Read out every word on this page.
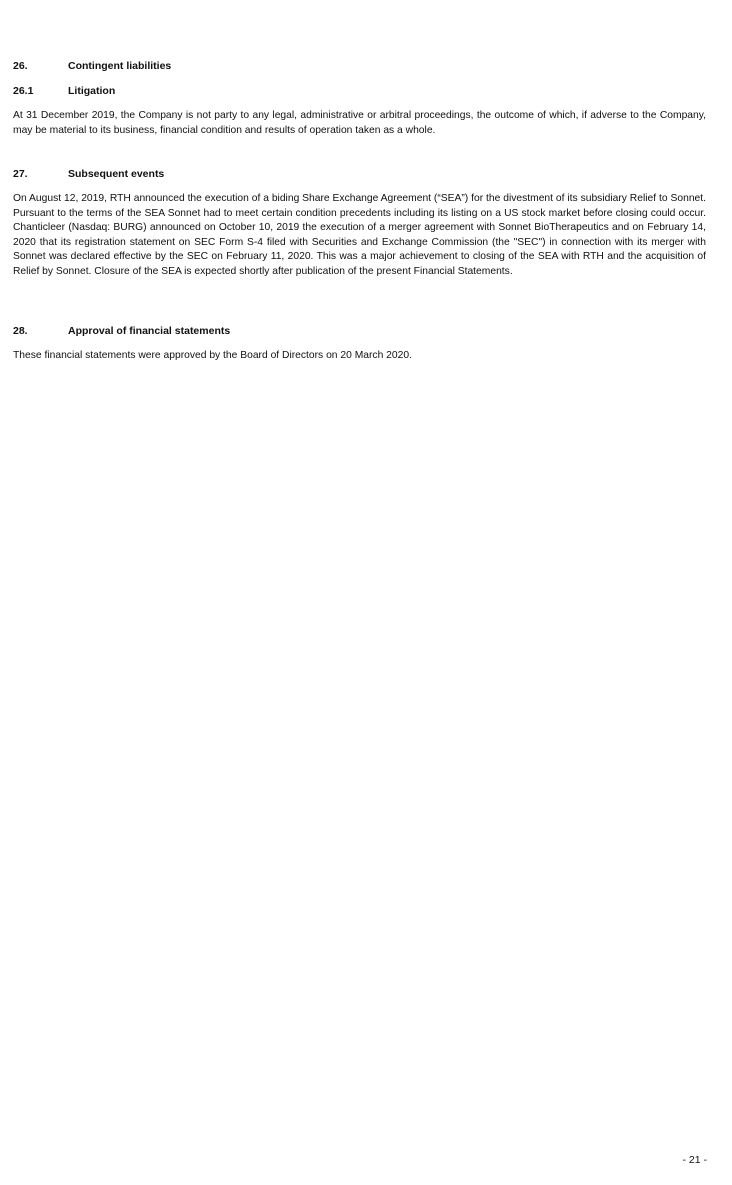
26.	Contingent liabilities
26.1	Litigation

At 31 December 2019, the Company is not party to any legal, administrative or arbitral proceedings, the outcome of which, if adverse to the Company, may be material to its business, financial condition and results of operation taken as a whole.

27.	Subsequent events

On August 12, 2019, RTH announced the execution of a biding Share Exchange Agreement (“SEA”) for the divestment of its subsidiary Relief to Sonnet. Pursuant to the terms of the SEA Sonnet had to meet certain condition precedents including its listing on a US stock market before closing could occur. Chanticleer (Nasdaq: BURG) announced on October 10, 2019 the execution of a merger agreement with Sonnet BioTherapeutics and on February 14, 2020 that its registration statement on SEC Form S-4 filed with Securities and Exchange Commission (the "SEC") in connection with its merger with Sonnet was declared effective by the SEC on February 11, 2020. This was a major achievement to closing of the SEA with RTH and the acquisition of Relief by Sonnet. Closure of the SEA is expected shortly after publication of the present Financial Statements.

28.	Approval of financial statements

These financial statements were approved by the Board of Directors on 20 March 2020.

- 21 -
